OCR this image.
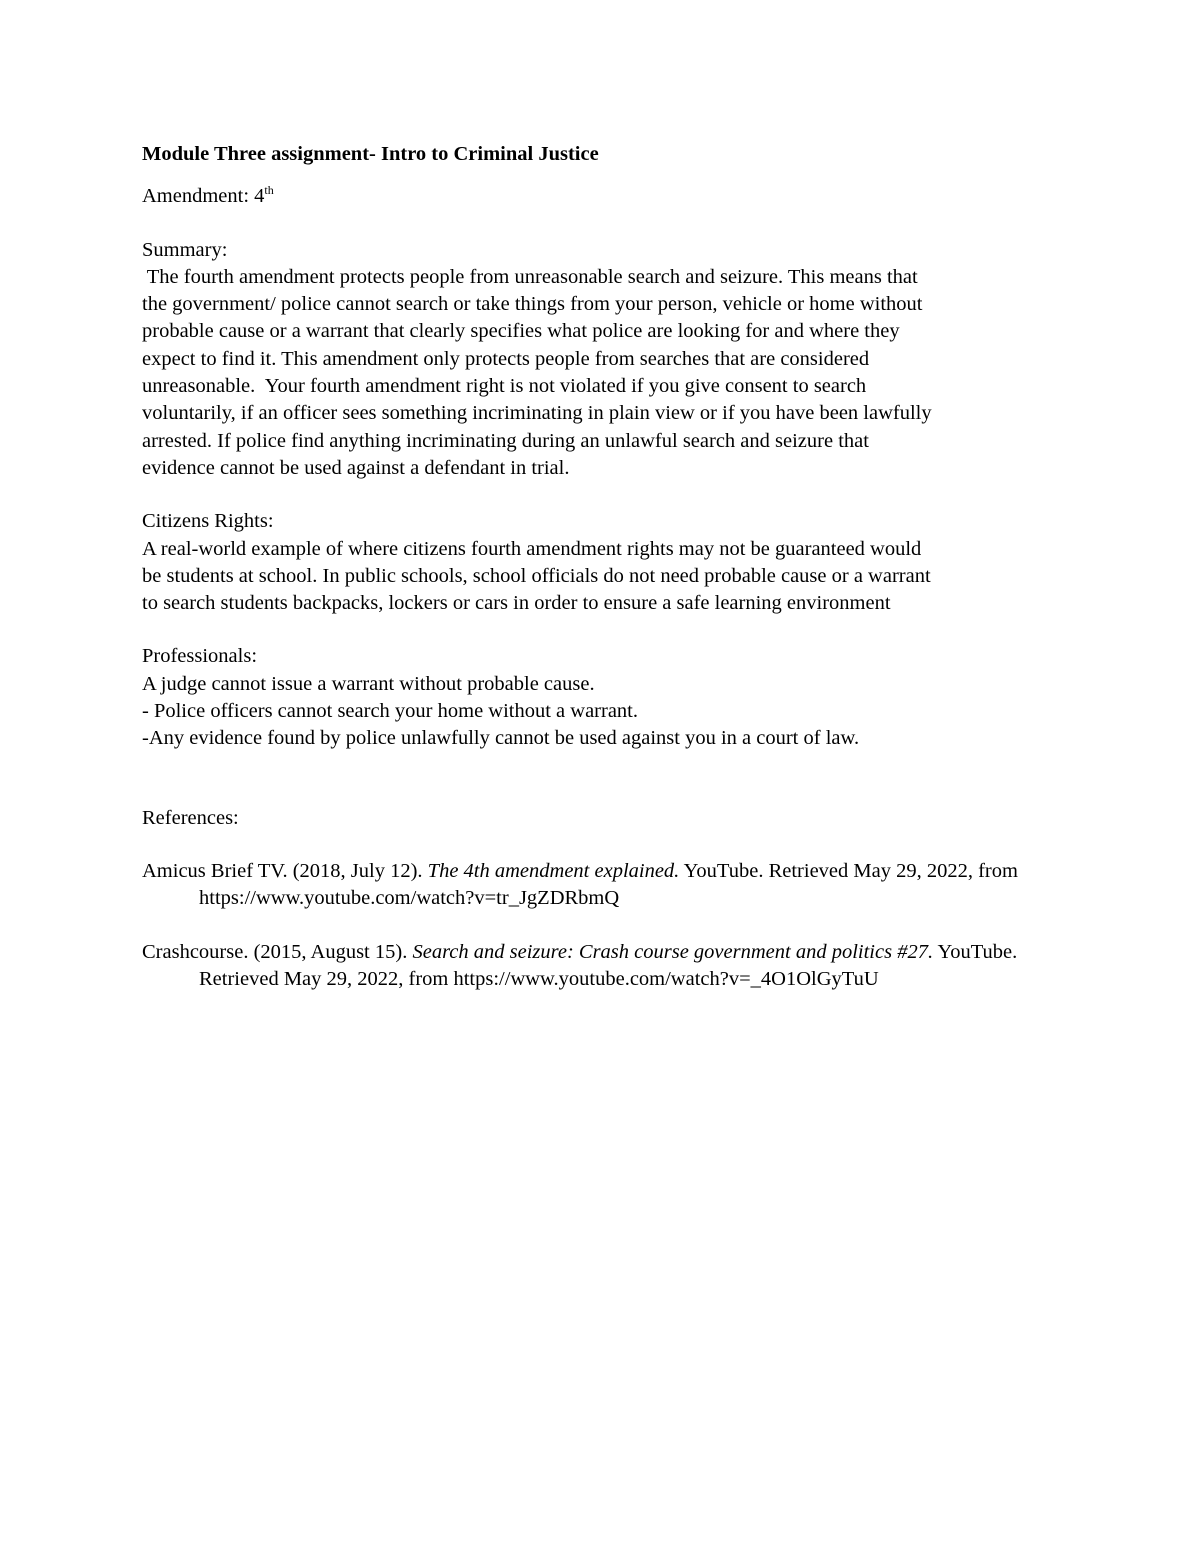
Module Three assignment- Intro to Criminal Justice
Amendment: 4th
Summary:
The fourth amendment protects people from unreasonable search and seizure. This means that
the government/ police cannot search or take things from your person, vehicle or home without
probable cause or a warrant that clearly specifies what police are looking for and where they
expect to find it. This amendment only protects people from searches that are considered
unreasonable.  Your fourth amendment right is not violated if you give consent to search
voluntarily, if an officer sees something incriminating in plain view or if you have been lawfully
arrested. If police find anything incriminating during an unlawful search and seizure that
evidence cannot be used against a defendant in trial.
Citizens Rights:
A real-world example of where citizens fourth amendment rights may not be guaranteed would
be students at school. In public schools, school officials do not need probable cause or a warrant
to search students backpacks, lockers or cars in order to ensure a safe learning environment
Professionals:
A judge cannot issue a warrant without probable cause.
- Police officers cannot search your home without a warrant.
-Any evidence found by police unlawfully cannot be used against you in a court of law.
References:
Amicus Brief TV. (2018, July 12). The 4th amendment explained. YouTube. Retrieved May 29, 2022, from https://www.youtube.com/watch?v=tr_JgZDRbmQ
Crashcourse. (2015, August 15). Search and seizure: Crash course government and politics #27. YouTube. Retrieved May 29, 2022, from https://www.youtube.com/watch?v=_4O1OlGyTuU
